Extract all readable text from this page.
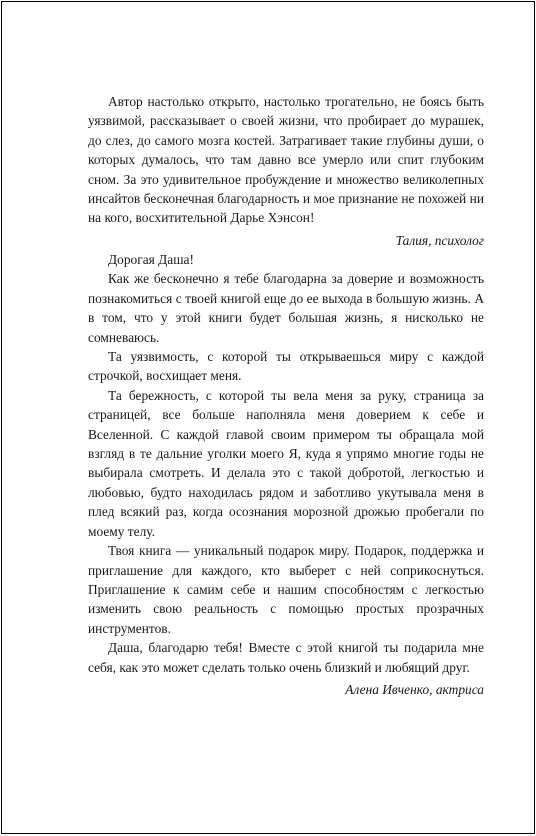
Автор настолько открыто, настолько трогательно, не боясь быть уязвимой, рассказывает о своей жизни, что пробирает до мурашек, до слез, до самого мозга костей. Затрагивает такие глубины души, о которых думалось, что там давно все умерло или спит глубоким сном. За это удивительное пробуждение и множество великолепных инсайтов бесконечная благодарность и мое признание не похожей ни на кого, восхитительной Дарье Хэнсон!

Талия, психолог

Дорогая Даша!

Как же бесконечно я тебе благодарна за доверие и возможность познакомиться с твоей книгой еще до ее выхода в большую жизнь. А в том, что у этой книги будет большая жизнь, я нисколько не сомневаюсь.

Та уязвимость, с которой ты открываешься миру с каждой строчкой, восхищает меня.

Та бережность, с которой ты вела меня за руку, страница за страницей, все больше наполняла меня доверием к себе и Вселенной. С каждой главой своим примером ты обращала мой взгляд в те дальние уголки моего Я, куда я упрямо многие годы не выбирала смотреть. И делала это с такой добротой, легкостью и любовью, будто находилась рядом и заботливо укутывала меня в плед всякий раз, когда осознания морозной дрожью пробегали по моему телу.

Твоя книга — уникальный подарок миру. Подарок, поддержка и приглашение для каждого, кто выберет с ней соприкоснуться. Приглашение к самим себе и нашим способностям с легкостью изменить свою реальность с помощью простых прозрачных инструментов.

Даша, благодарю тебя! Вместе с этой книгой ты подарила мне себя, как это может сделать только очень близкий и любящий друг.

Алена Ивченко, актриса
